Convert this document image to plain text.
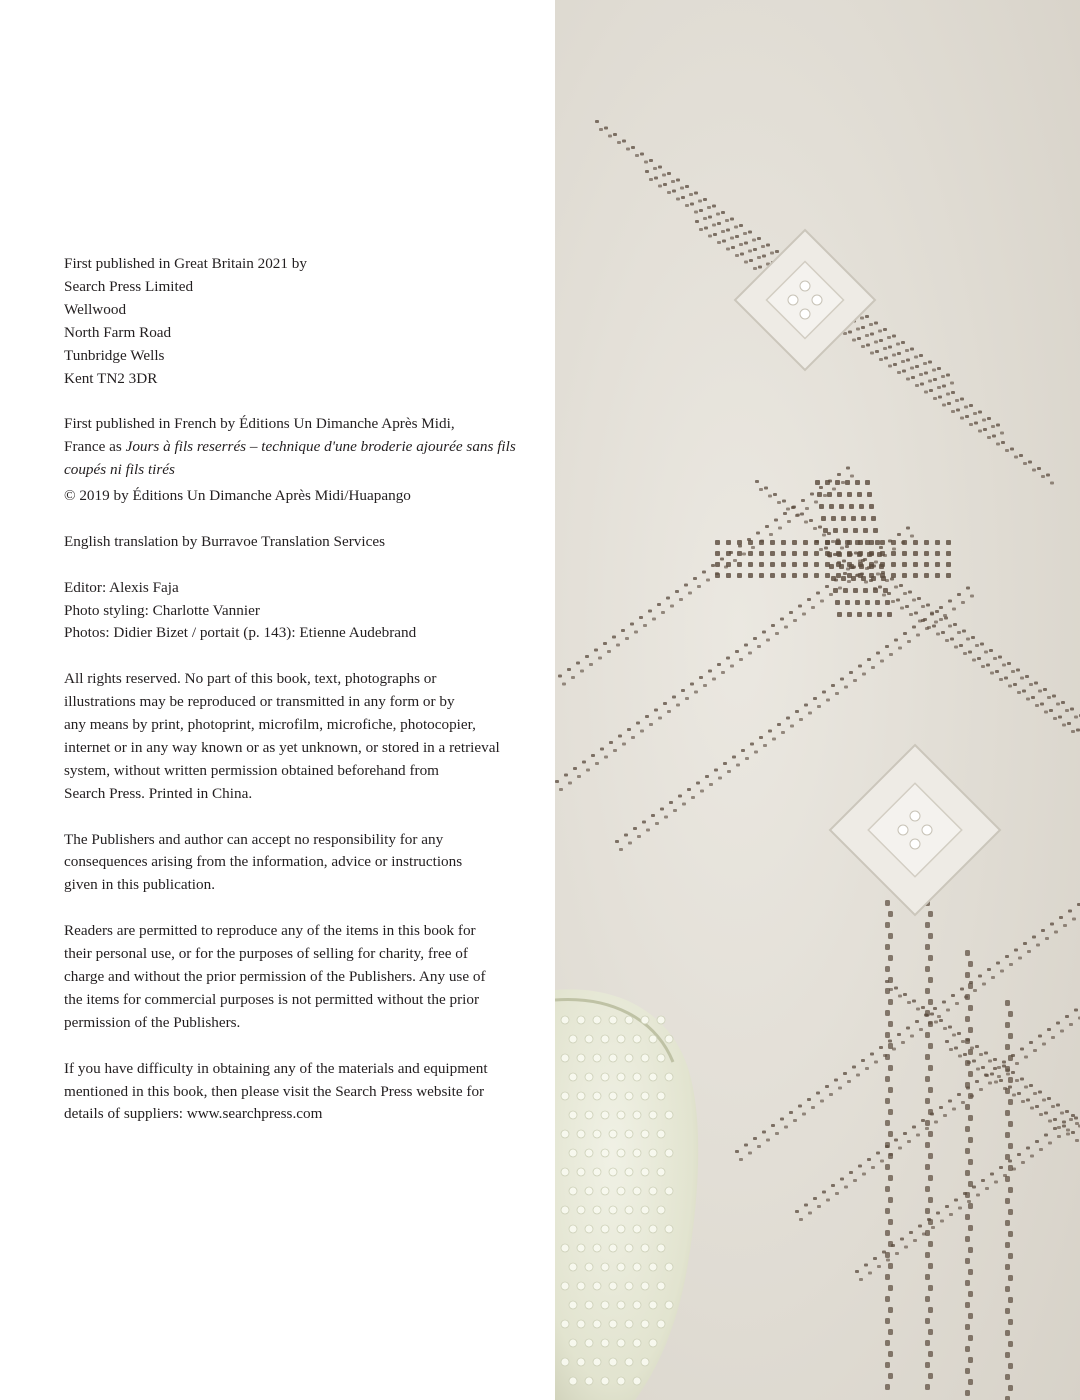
First published in Great Britain 2021 by
Search Press Limited
Wellwood
North Farm Road
Tunbridge Wells
Kent TN2 3DR
First published in French by Éditions Un Dimanche Après Midi,
France as Jours à fils reserrés – technique d'une broderie ajourée sans fils
coupés ni fils tirés
© 2019 by Éditions Un Dimanche Après Midi/Huapango
English translation by Burravoe Translation Services
Editor: Alexis Faja
Photo styling: Charlotte Vannier
Photos: Didier Bizet / portait (p. 143): Etienne Audebrand
All rights reserved. No part of this book, text, photographs or
illustrations may be reproduced or transmitted in any form or by
any means by print, photoprint, microfilm, microfiche, photocopier,
internet or in any way known or as yet unknown, or stored in a retrieval
system, without written permission obtained beforehand from
Search Press. Printed in China.
The Publishers and author can accept no responsibility for any
consequences arising from the information, advice or instructions
given in this publication.
Readers are permitted to reproduce any of the items in this book for
their personal use, or for the purposes of selling for charity, free of
charge and without the prior permission of the Publishers. Any use of
the items for commercial purposes is not permitted without the prior
permission of the Publishers.
If you have difficulty in obtaining any of the materials and equipment
mentioned in this book, then please visit the Search Press website for
details of suppliers: www.searchpress.com
